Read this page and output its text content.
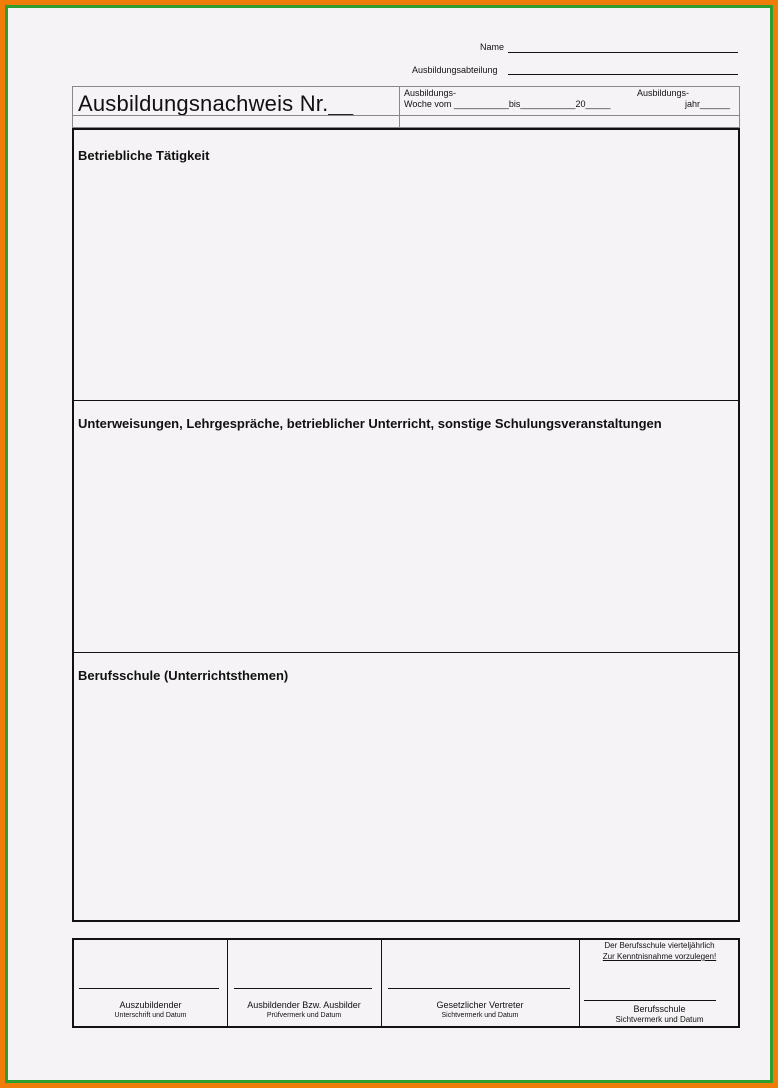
Name
Ausbildungsabteilung
Ausbildungsnachweis Nr.__	Ausbildungs-
Woche vom ___________bis___________20_____
Ausbildungs-
jahr______
Betriebliche Tätigkeit
Unterweisungen, Lehrgespräche, betrieblicher Unterricht, sonstige Schulungsveranstaltungen
Berufsschule (Unterrichtsthemen)
Auszubildender
Unterschrift und Datum
Ausbildender Bzw. Ausbilder
Prüfvermerk und Datum
Gesetzlicher Vertreter
Sichtvermerk und Datum
Der Berufsschule vierteljährlich
Zur Kenntnisnahme vorzulegen!
Berufsschule
Sichtvermerk und Datum
